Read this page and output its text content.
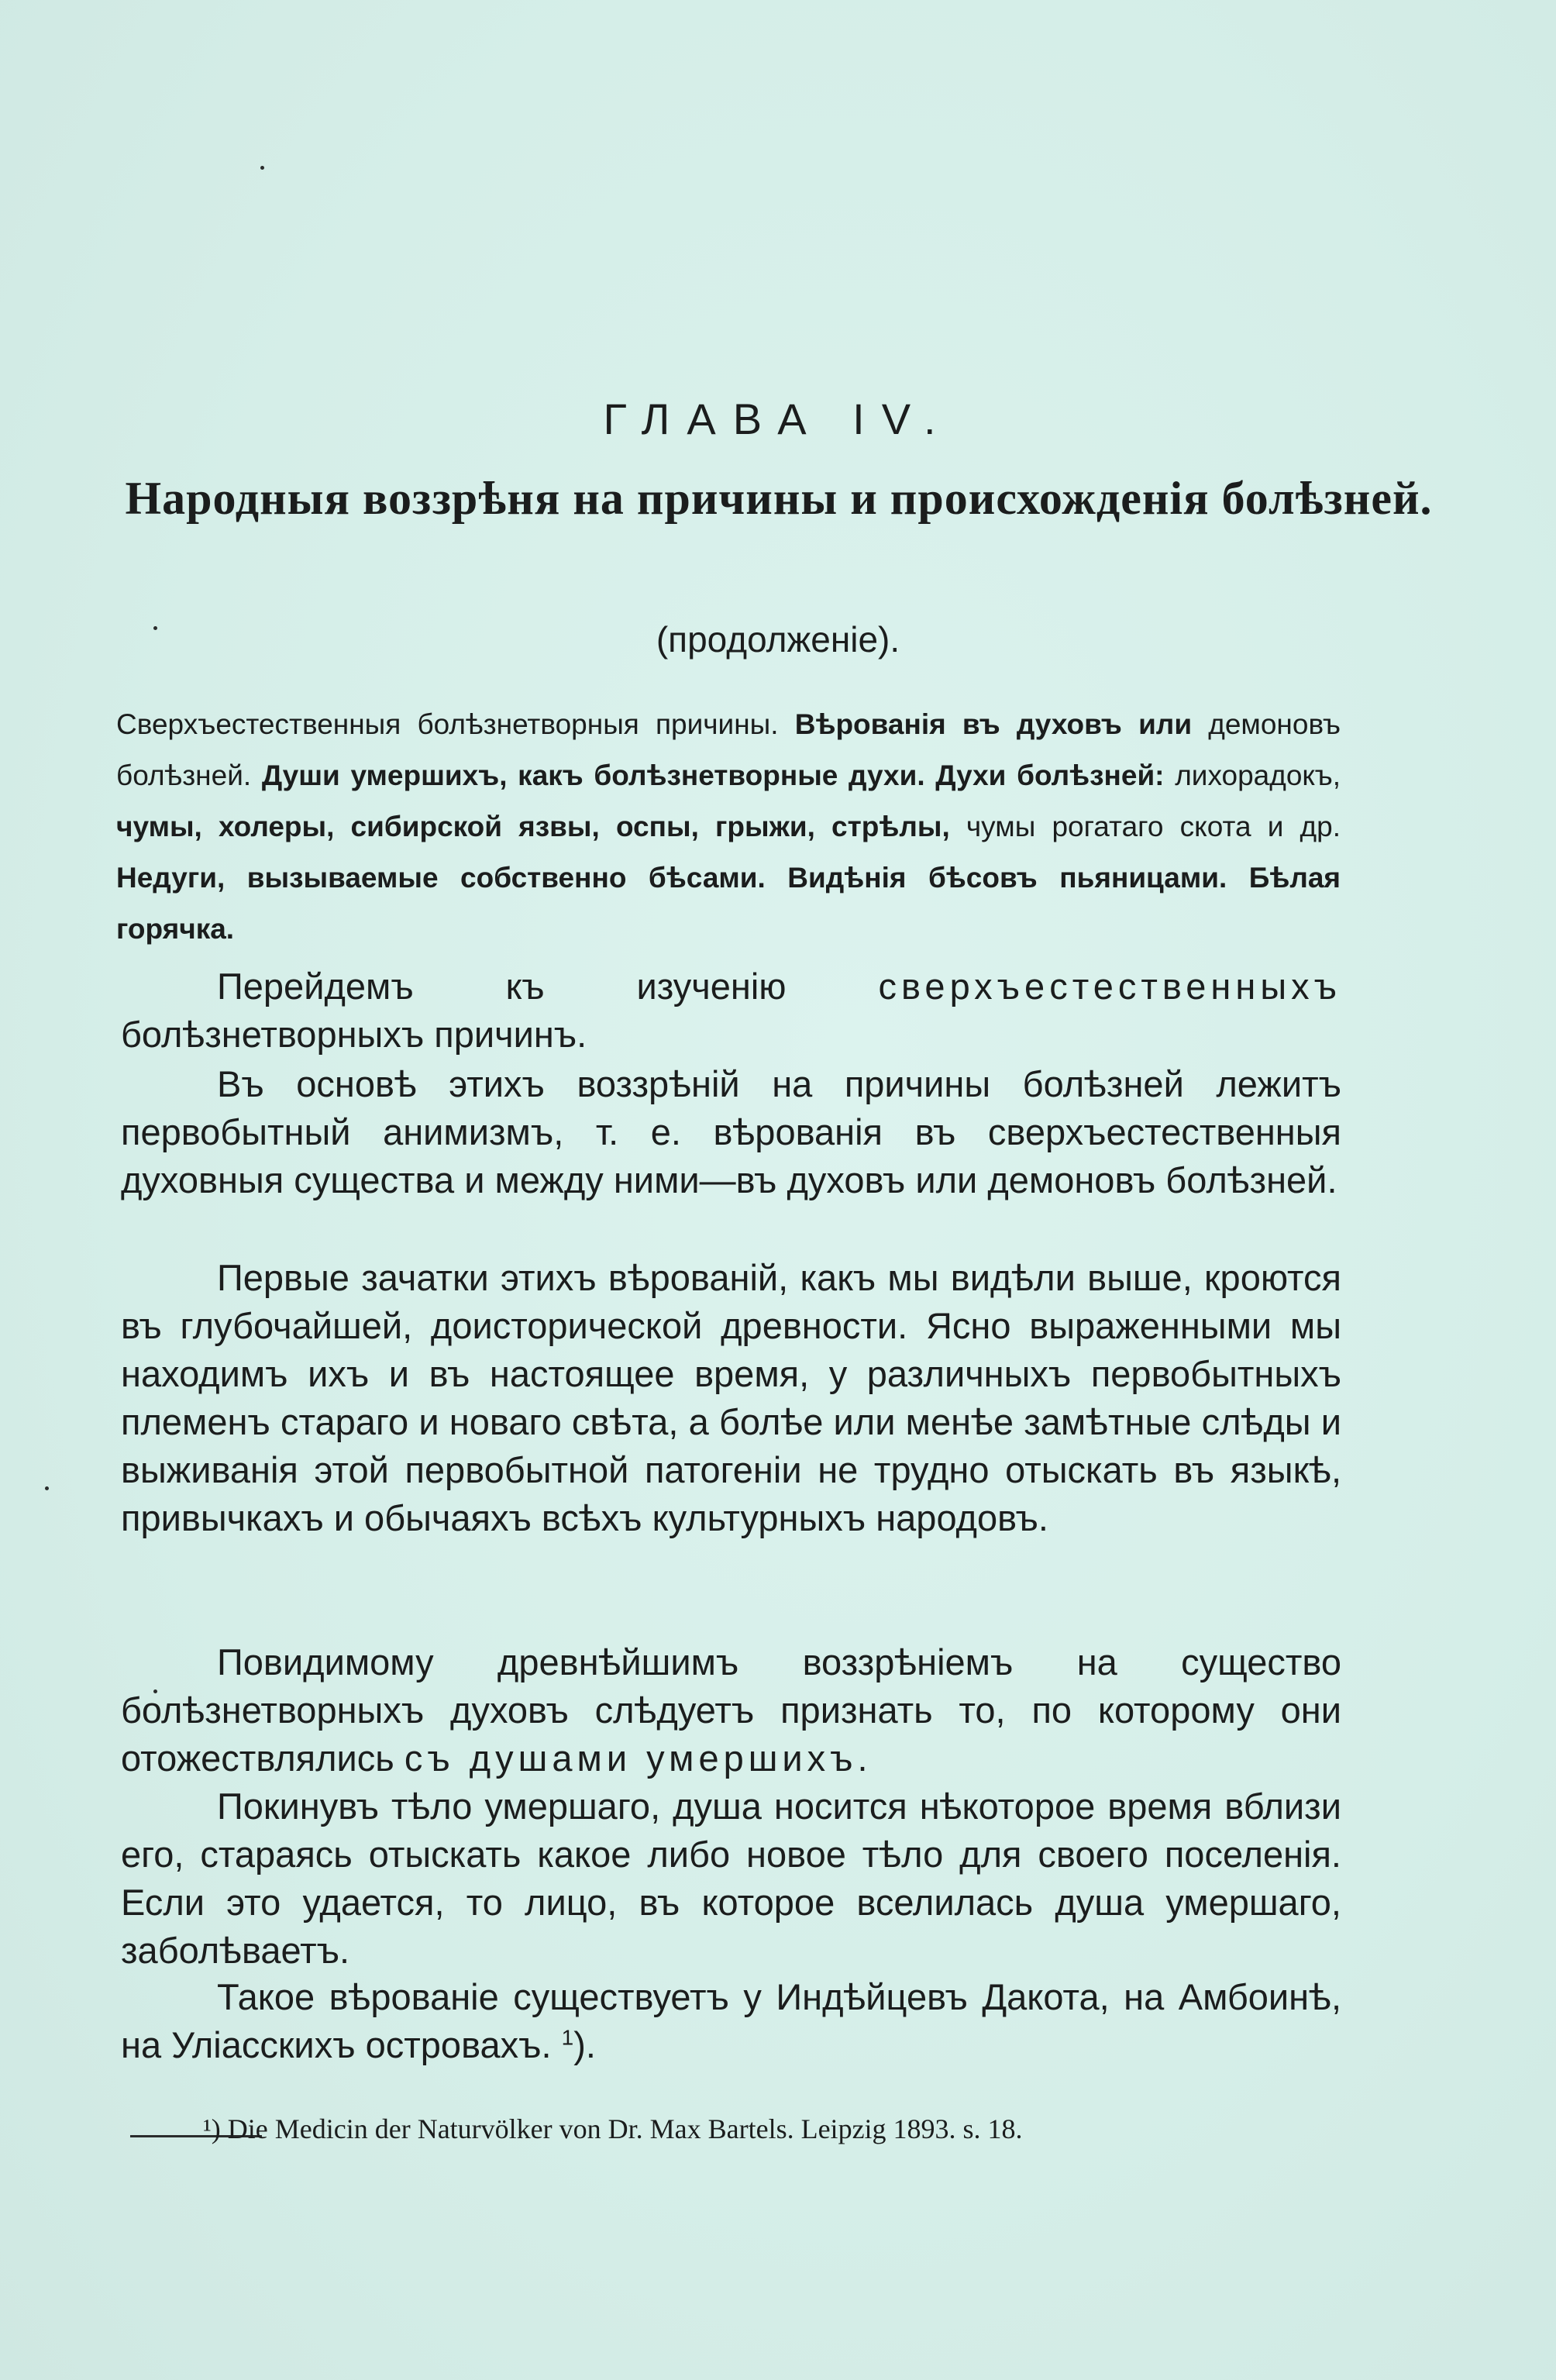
ГЛАВА IV.
Народныя воззрѣня на причины и происхожденія болѣзней.
(продолженіе).
Сверхъестественныя болѣзнетворныя причины. Вѣрованія въ духовъ или демоновъ болѣзней. Души умершихъ, какъ болѣзнетворные духи. Духи болѣзней: лихорадокъ, чумы, холеры, сибирской язвы, оспы, грыжи, стрѣлы, чумы рогатаго скота и др. Недуги, вызываемые собственно бѣсами. Видѣнія бѣсовъ пьяницами. Бѣлая горячка.

Перейдемъ къ изученію	сверхъестественныхъ болѣзнетворныхъ причинъ.

Въ основѣ этихъ воззрѣній на причины болѣзней лежитъ первобытный анимизмъ, т. е. вѣрованія въ сверхъестественныя духовныя существа и между ними—въ духовъ или демоновъ болѣзней.

Первые зачатки этихъ вѣрованій, какъ мы видѣли выше, кроются въ глубочайшей, доисторической древности. Ясно выраженными мы находимъ ихъ и въ настоящее время, у различныхъ первобытныхъ племенъ стараго и новаго свѣта, а болѣе или менѣе замѣтные слѣды и выживанія этой первобытной патогеніи не трудно отыскать въ языкѣ, привычкахъ и обычаяхъ всѣхъ культурныхъ народовъ.

Повидимому древнѣйшимъ воззрѣніемъ на существо болѣзнетворныхъ духовъ слѣдуетъ признать то, по которому они отожествлялись съ душами умершихъ.

Покинувъ тѣло умершаго, душа носится нѣкоторое время вблизи его, стараясь отыскать какое либо новое тѣло для своего поселенія. Если это удается, то лицо, въ которое вселилась душа умершаго, заболѣваетъ.

Такое вѣрованіе существуетъ у Индѣйцевъ Дакота, на Амбоинѣ, на Уліасскихъ островахъ. $^1$).

¹) Die Medicin der Naturvölker von Dr. Max Bartels. Leipzig 1893. s. 18.
